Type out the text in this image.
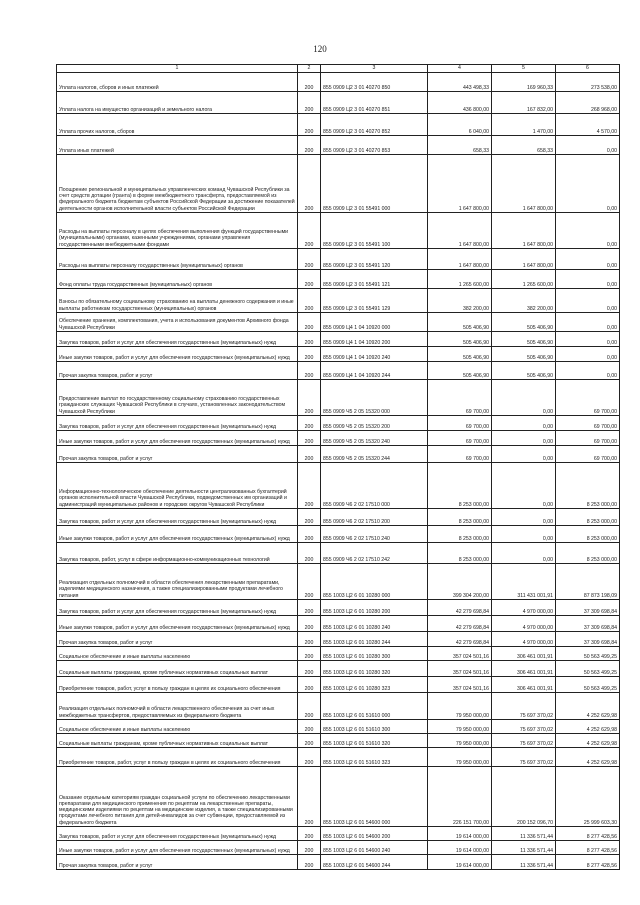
120
1	2	3	4	5	6
Уплата налогов, сборов и иных платежей	200	855 0909 Ц2 3 01 40270 850	443 498,33	169 960,33	273 538,00
Уплата налога на имущество организаций и земельного налога	200	855 0909 Ц2 3 01 40270 851	436 800,00	167 832,00	268 968,00
Уплата прочих налогов, сборов	200	855 0909 Ц2 3 01 40270 852	6 040,00	1 470,00	4 570,00
Уплата иных платежей	200	855 0909 Ц2 3 01 40270 853	658,33	658,33	0,00
Поощрение региональной и муниципальных управленческих команд Чувашской Республики за счет средств дотации (гранта) в форме межбюджетного трансферта, предоставляемой из федерального бюджета бюджетам субъектов Российской Федерации за достижение показателей деятельности органов исполнительной власти субъектов Российской Федерации	200	855 0909 Ц2 3 01 55491 000	1 647 800,00	1 647 800,00	0,00
Расходы на выплаты персоналу в целях обеспечения выполнения функций государственными (муниципальными) органами, казенными учреждениями, органами управления государственными внебюджетными фондами	200	855 0909 Ц2 3 01 55491 100	1 647 800,00	1 647 800,00	0,00
Расходы на выплаты персоналу государственных (муниципальных) органов	200	855 0909 Ц2 3 01 55491 120	1 647 800,00	1 647 800,00	0,00
Фонд оплаты труда государственных (муниципальных) органов	200	855 0909 Ц2 3 01 55491 121	1 265 600,00	1 265 600,00	0,00
Взносы по обязательному социальному страхованию на выплаты денежного содержания и иные выплаты работникам государственных (муниципальных) органов	200	855 0909 Ц2 3 01 55491 129	382 200,00	382 200,00	0,00
Обеспечение хранения, комплектования, учета и использования документов Архивного фонда Чувашской Республики	200	855 0909 Ц4 1 04 10920 000	505 406,90	505 406,90	0,00
Закупка товаров, работ и услуг для обеспечения государственных (муниципальных) нужд	200	855 0909 Ц4 1 04 10920 200	505 406,90	505 406,90	0,00
Иные закупки товаров, работ и услуг для обеспечения государственных (муниципальных) нужд	200	855 0909 Ц4 1 04 10920 240	505 406,90	505 406,90	0,00
Прочая закупка товаров, работ и услуг	200	855 0909 Ц4 1 04 10920 244	505 406,90	505 406,90	0,00
Предоставление выплат по государственному социальному страхованию государственных гражданских служащих Чувашской Республики в случаях, установленных законодательством Чувашской Республики	200	855 0909 Ч5 2 05 15320 000	69 700,00	0,00	69 700,00
Закупка товаров, работ и услуг для обеспечения государственных (муниципальных) нужд	200	855 0909 Ч5 2 05 15320 200	69 700,00	0,00	69 700,00
Иные закупки товаров, работ и услуг для обеспечения государственных (муниципальных) нужд	200	855 0909 Ч5 2 05 15320 240	69 700,00	0,00	69 700,00
Прочая закупка товаров, работ и услуг	200	855 0909 Ч5 2 05 15320 244	69 700,00	0,00	69 700,00
Информационно-технологическое обеспечение деятельности централизованных бухгалтерий органов исполнительной власти Чувашской Республики, подведомственных им организаций и администраций муниципальных районов и городских округов Чувашской Республики	200	855 0909 Ч6 2 02 17510 000	8 253 000,00	0,00	8 253 000,00
Закупка товаров, работ и услуг для обеспечения государственных (муниципальных) нужд	200	855 0909 Ч6 2 02 17510 200	8 253 000,00	0,00	8 253 000,00
Иные закупки товаров, работ и услуг для обеспечения государственных (муниципальных) нужд	200	855 0909 Ч6 2 02 17510 240	8 253 000,00	0,00	8 253 000,00
Закупка товаров, работ, услуг в сфере информационно-коммуникационных технологий	200	855 0909 Ч6 2 02 17510 242	8 253 000,00	0,00	8 253 000,00
Реализация отдельных полномочий в области обеспечения лекарственными препаратами, изделиями медицинского назначения, а также специализированными продуктами лечебного питания	200	855 1003 Ц2 6 01 10280 000	399 304 200,00	311 431 001,91	87 873 198,09
Закупка товаров, работ и услуг для обеспечения государственных (муниципальных) нужд	200	855 1003 Ц2 6 01 10280 200	42 279 698,84	4 970 000,00	37 309 698,84
Иные закупки товаров, работ и услуг для обеспечения государственных (муниципальных) нужд	200	855 1003 Ц2 6 01 10280 240	42 279 698,84	4 970 000,00	37 309 698,84
Прочая закупка товаров, работ и услуг	200	855 1003 Ц2 6 01 10280 244	42 279 698,84	4 970 000,00	37 309 698,84
Социальное обеспечение и иные выплаты населению	200	855 1003 Ц2 6 01 10280 300	357 024 501,16	306 461 001,91	50 563 499,25
Социальные выплаты гражданам, кроме публичных нормативных социальных выплат	200	855 1003 Ц2 6 01 10280 320	357 024 501,16	306 461 001,91	50 563 499,25
Приобретение товаров, работ, услуг в пользу граждан в целях их социального обеспечения	200	855 1003 Ц2 6 01 10280 323	357 024 501,16	306 461 001,91	50 563 499,25
Реализация отдельных полномочий в области лекарственного обеспечения за счет иных межбюджетных трансфертов, предоставляемых из федерального бюджета	200	855 1003 Ц2 6 01 51610 000	79 950 000,00	75 697 370,02	4 252 629,98
Социальное обеспечение и иные выплаты населению	200	855 1003 Ц2 6 01 51610 300	79 950 000,00	75 697 370,02	4 252 629,98
Социальные выплаты гражданам, кроме публичных нормативных социальных выплат	200	855 1003 Ц2 6 01 51610 320	79 950 000,00	75 697 370,02	4 252 629,98
Приобретение товаров, работ, услуг в пользу граждан в целях их социального обеспечения	200	855 1003 Ц2 6 01 51610 323	79 950 000,00	75 697 370,02	4 252 629,98
Оказание отдельным категориям граждан социальной услуги по обеспечению лекарственными препаратами для медицинского применения по рецептам на лекарственные препараты, медицинскими изделиями по рецептам на медицинские изделия, а также специализированными продуктами лечебного питания для детей-инвалидов за счет субвенции, предоставляемой из федерального бюджета	200	855 1003 Ц2 6 01 54600 000	226 151 700,00	200 152 096,70	25 999 603,30
Закупка товаров, работ и услуг для обеспечения государственных (муниципальных) нужд	200	855 1003 Ц2 6 01 54600 200	19 614 000,00	11 336 571,44	8 277 428,56
Иные закупки товаров, работ и услуг для обеспечения государственных (муниципальных) нужд	200	855 1003 Ц2 6 01 54600 240	19 614 000,00	11 336 571,44	8 277 428,56
Прочая закупка товаров, работ и услуг	200	855 1003 Ц2 6 01 54600 244	19 614 000,00	11 336 571,44	8 277 428,56
